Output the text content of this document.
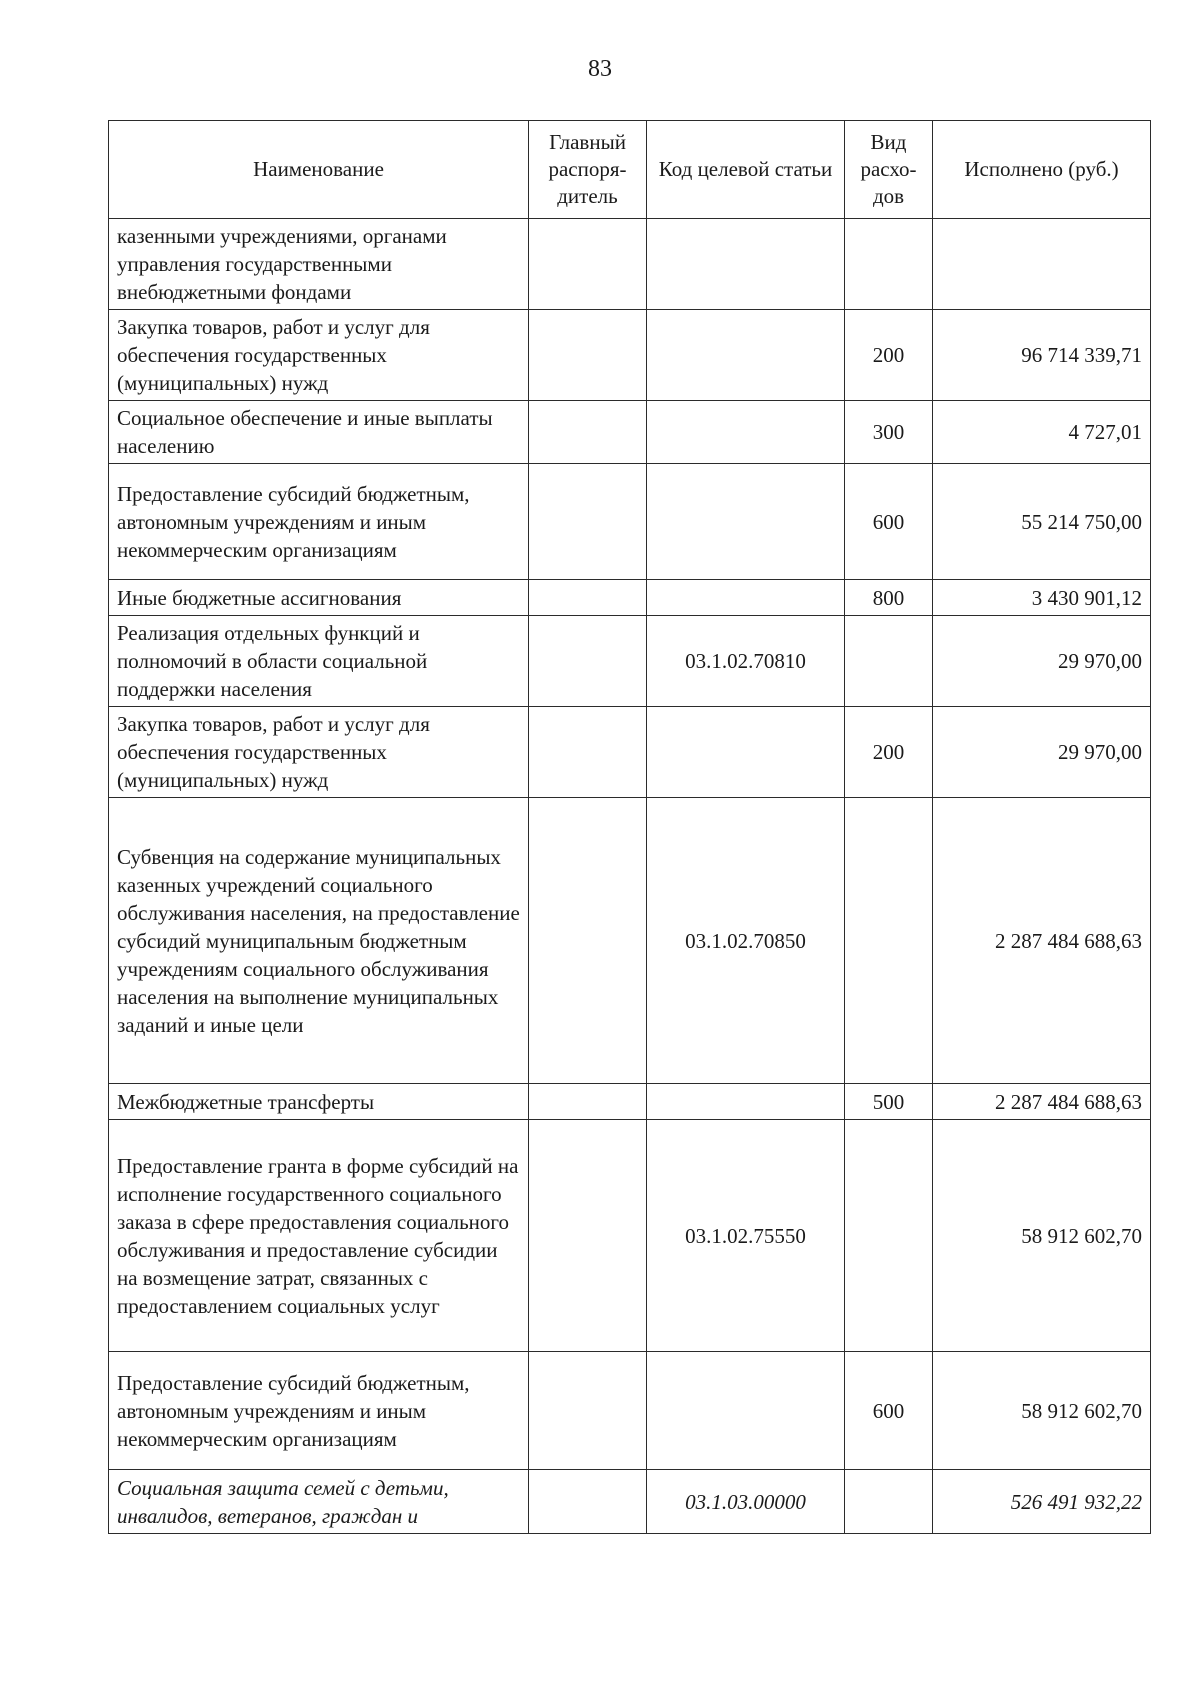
83
Наименование	Главный распоря-дитель	Код целевой статьи	Вид расхо-дов	Исполнено (руб.)
казенными учреждениями, органами управления государственными внебюджетными фондами				
Закупка товаров, работ и услуг для обеспечения государственных (муниципальных) нужд			200	96 714 339,71
Социальное обеспечение и иные выплаты населению			300	4 727,01
Предоставление субсидий бюджетным, автономным учреждениям и иным некоммерческим организациям			600	55 214 750,00
Иные бюджетные ассигнования			800	3 430 901,12
Реализация отдельных функций и полномочий в области социальной поддержки населения		03.1.02.70810		29 970,00
Закупка товаров, работ и услуг для обеспечения государственных (муниципальных) нужд			200	29 970,00
Субвенция на содержание муниципальных казенных учреждений социального обслуживания населения, на предоставление субсидий муниципальным бюджетным учреждениям социального обслуживания населения на выполнение муниципальных заданий и иные цели		03.1.02.70850		2 287 484 688,63
Межбюджетные трансферты			500	2 287 484 688,63
Предоставление гранта в форме субсидий на исполнение государственного социального заказа в сфере предоставления социального обслуживания и предоставление субсидии на возмещение затрат, связанных с предоставлением социальных услуг		03.1.02.75550		58 912 602,70
Предоставление субсидий бюджетным, автономным учреждениям и иным некоммерческим организациям			600	58 912 602,70
Социальная защита семей с детьми, инвалидов, ветеранов, граждан и		03.1.03.00000		526 491 932,22
